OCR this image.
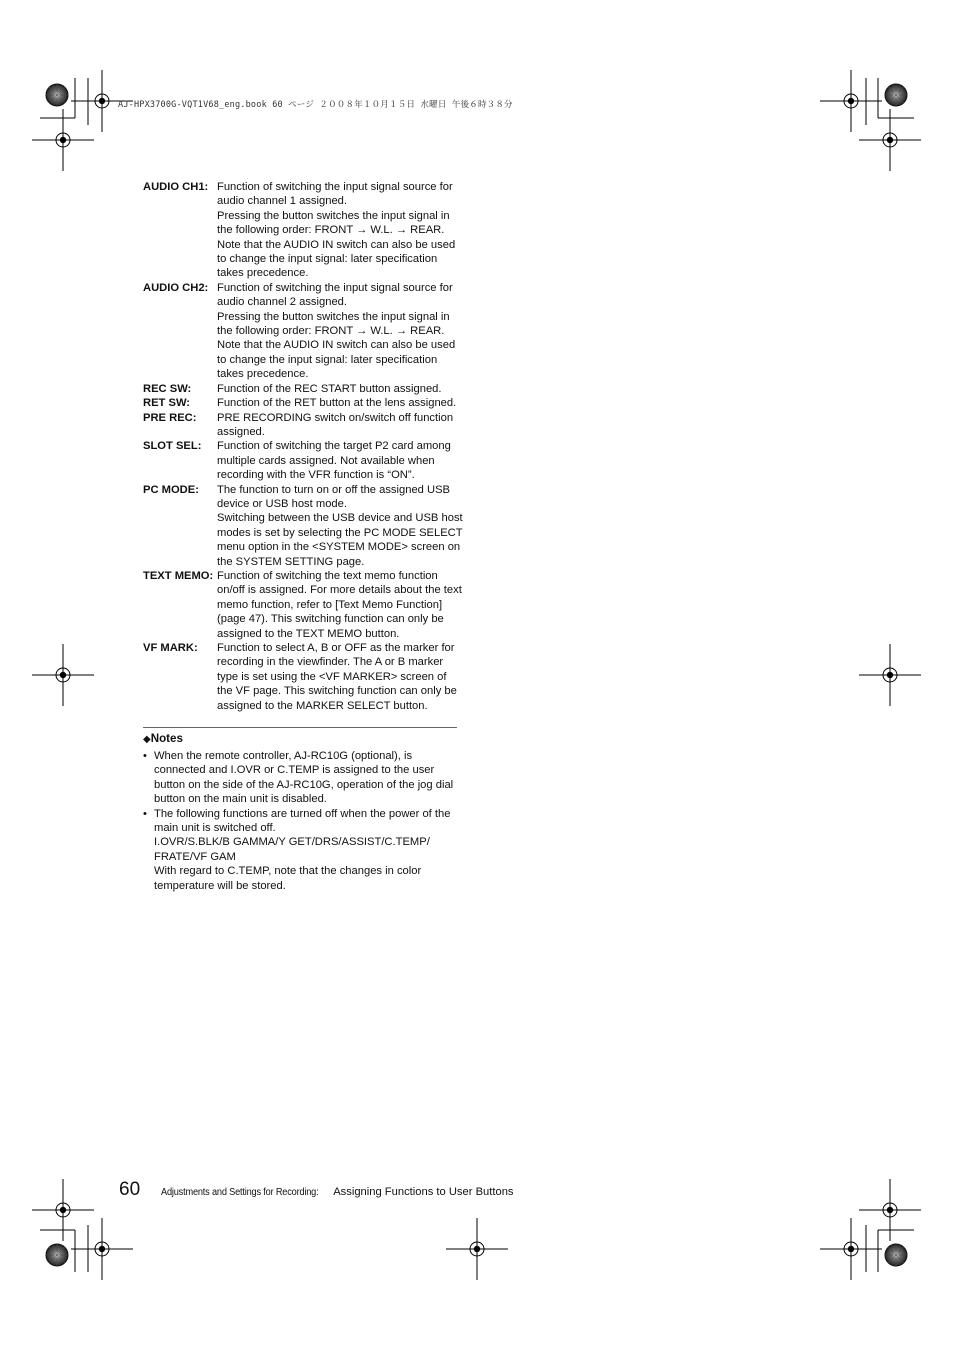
AJ-HPX3700G-VQT1V68_eng.book 60 ページ ２００８年１０月１５日 水曜日 午後６時３８分
AUDIO CH1: Function of switching the input signal source for audio channel 1 assigned.

Pressing the button switches the input signal in the following order: FRONT → W.L. → REAR. Note that the AUDIO IN switch can also be used to change the input signal: later specification takes precedence.

AUDIO CH2: Function of switching the input signal source for audio channel 2 assigned.

Pressing the button switches the input signal in the following order: FRONT → W.L. → REAR. Note that the AUDIO IN switch can also be used to change the input signal: later specification takes precedence.

REC SW:	Function of the REC START button assigned.

RET SW:	Function of the RET button at the lens assigned.

PRE REC:	PRE RECORDING switch on/switch off function assigned.

SLOT SEL:	Function of switching the target P2 card among multiple cards assigned. Not available when recording with the VFR function is “ON”.

PC MODE:	The function to turn on or off the assigned USB device or USB host mode.

Switching between the USB device and USB host modes is set by selecting the PC MODE SELECT menu option in the <SYSTEM MODE> screen on the SYSTEM SETTING page.

TEXT MEMO: Function of switching the text memo function on/off is assigned. For more details about the text memo function, refer to [Text Memo Function] (page 47). This switching function can only be assigned to the TEXT MEMO button.

VF MARK:	Function to select A, B or OFF as the marker for recording in the viewfinder. The A or B marker type is set using the <VF MARKER> screen of the VF page. This switching function can only be assigned to the MARKER SELECT button.

◆Notes
• When the remote controller, AJ-RC10G (optional), is connected and I.OVR or C.TEMP is assigned to the user button on the side of the AJ-RC10G, operation of the jog dial button on the main unit is disabled.

• The following functions are turned off when the power of the main unit is switched off.

I.OVR/S.BLK/B GAMMA/Y GET/DRS/ASSIST/C.TEMP/ FRATE/VF GAM

With regard to C.TEMP, note that the changes in color temperature will be stored.

60	Adjustments and Settings for Recording: Assigning Functions to User Buttons
